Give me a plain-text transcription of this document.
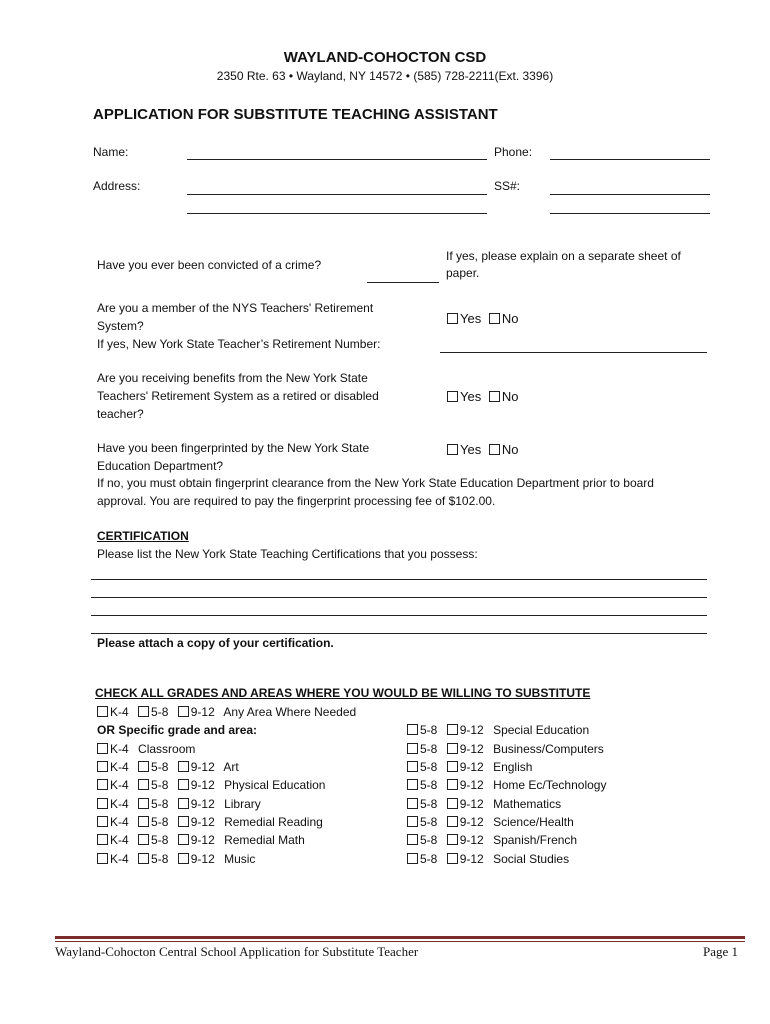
WAYLAND-COHOCTON CSD
2350 Rte. 63 • Wayland, NY 14572 • (585) 728-2211(Ext. 3396)
APPLICATION FOR SUBSTITUTE TEACHING ASSISTANT
Name:	Phone:
Address:	SS#:
Have you ever been convicted of a crime?
If yes, please explain on a separate sheet of
paper.
Are you a member of the NYS Teachers' Retirement
System?
If yes, New York State Teacher’s Retirement Number:
Yes No
Are you receiving benefits from the New York State
Teachers' Retirement System as a retired or disabled
teacher?
Yes No
Have you been fingerprinted by the New York State
Education Department?
If no, you must obtain fingerprint clearance from the New York State Education Department prior to board
approval. You are required to pay the fingerprint processing fee of $102.00.
Yes No
CERTIFICATION
Please list the New York State Teaching Certifications that you possess:
Please attach a copy of your certification.
CHECK ALL GRADES AND AREAS WHERE YOU WOULD BE WILLING TO SUBSTITUTE
K-4 5-8 9-12 Any Area Where Needed
OR Specific grade and area:
K-4 Classroom
K-4 5-8 9-12 Art
K-4 5-8 9-12 Physical Education
K-4 5-8 9-12 Library
K-4 5-8 9-12 Remedial Reading
K-4 5-8 9-12 Remedial Math
K-4 5-8 9-12 Music
5-8 9-12 Special Education
5-8 9-12 Business/Computers
5-8 9-12 English
5-8 9-12 Home Ec/Technology
5-8 9-12 Mathematics
5-8 9-12 Science/Health
5-8 9-12 Spanish/French
5-8 9-12 Social Studies
Wayland-Cohocton Central School Application for Substitute Teacher	Page 1
